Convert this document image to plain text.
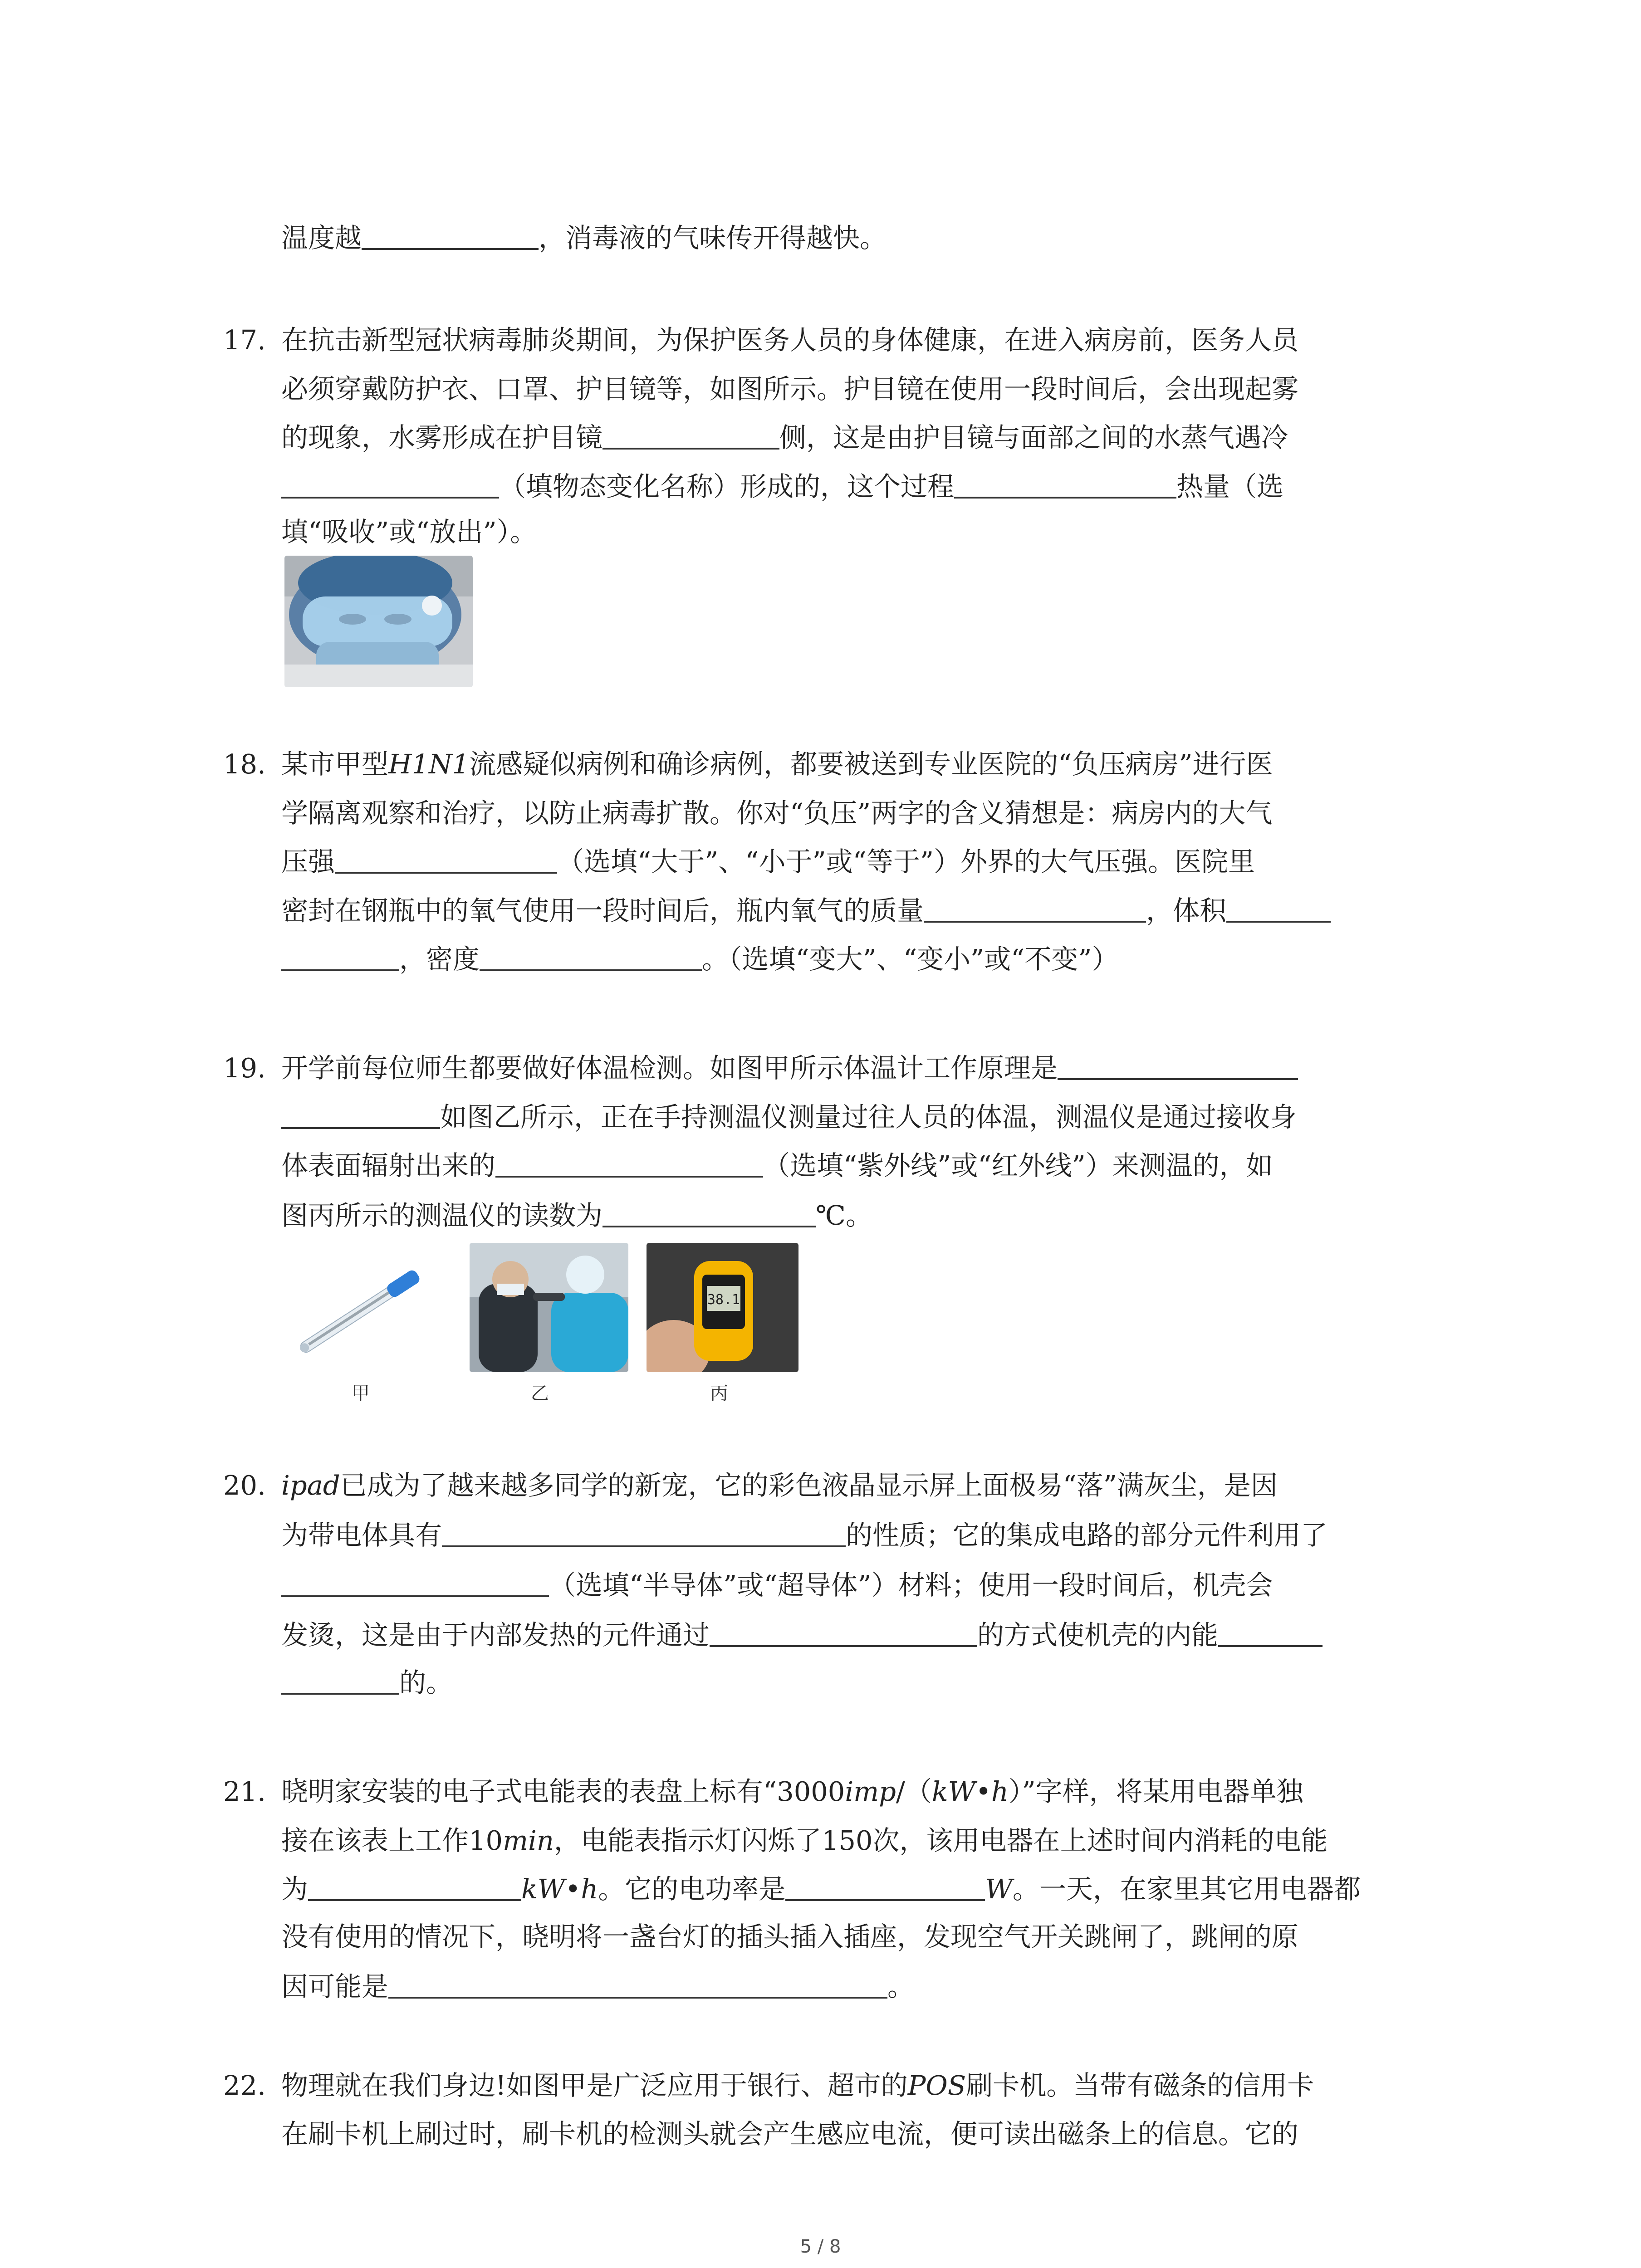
温度越	，消毒液的气味传开得越快。
17. 在抗击新型冠状病毒肺炎期间，为保护医务人员的身体健康，在进入病房前，医务人员
必须穿戴防护衣、口罩、护目镜等，如图所示。护目镜在使用一段时间后，会出现起雾
的现象，水雾形成在护目镜	侧，这是由护目镜与面部之间的水蒸气遇冷
（填物态变化名称）形成的，这个过程	热量（选
填“吸收”或“放出”）。
18. 某市甲型H1N1流感疑似病例和确诊病例，都要被送到专业医院的“负压病房”进行医
学隔离观察和治疗，以防止病毒扩散。你对“负压”两字的含义猜想是：病房内的大气
压强	（选填“大于”、“小于”或“等于”）外界的大气压强。医院里
密封在钢瓶中的氧气使用一段时间后，瓶内氧气的质量	，体积
，密度	。（选填“变大”、“变小”或“不变”）
19. 开学前每位师生都要做好体温检测。如图甲所示体温计工作原理是
如图乙所示，正在手持测温仪测量过往人员的体温，测温仪是通过接收身
体表面辐射出来的	（选填“紫外线”或“红外线”）来测温的，如
图丙所示的测温仪的读数为	℃。
甲	乙
38.1
丙
20. ipad已成为了越来越多同学的新宠，它的彩色液晶显示屏上面极易“落”满灰尘，是因
为带电体具有	的性质；它的集成电路的部分元件利用了
（选填“半导体”或“超导体”）材料；使用一段时间后，机壳会
发烫，这是由于内部发热的元件通过	的方式使机壳的内能
的。
21. 晓明家安装的电子式电能表的表盘上标有“3000imp/（kW•h）”字样，将某用电器单独
接在该表上工作10min，电能表指示灯闪烁了150次，该用电器在上述时间内消耗的电能
为	kW•h。它的电功率是	W。一天，在家里其它用电器都
没有使用的情况下，晓明将一盏台灯的插头插入插座，发现空气开关跳闸了，跳闸的原
因可能是	。
22. 物理就在我们身边!如图甲是广泛应用于银行、超市的POS刷卡机。当带有磁条的信用卡
在刷卡机上刷过时，刷卡机的检测头就会产生感应电流，便可读出磁条上的信息。它的
5 / 8
